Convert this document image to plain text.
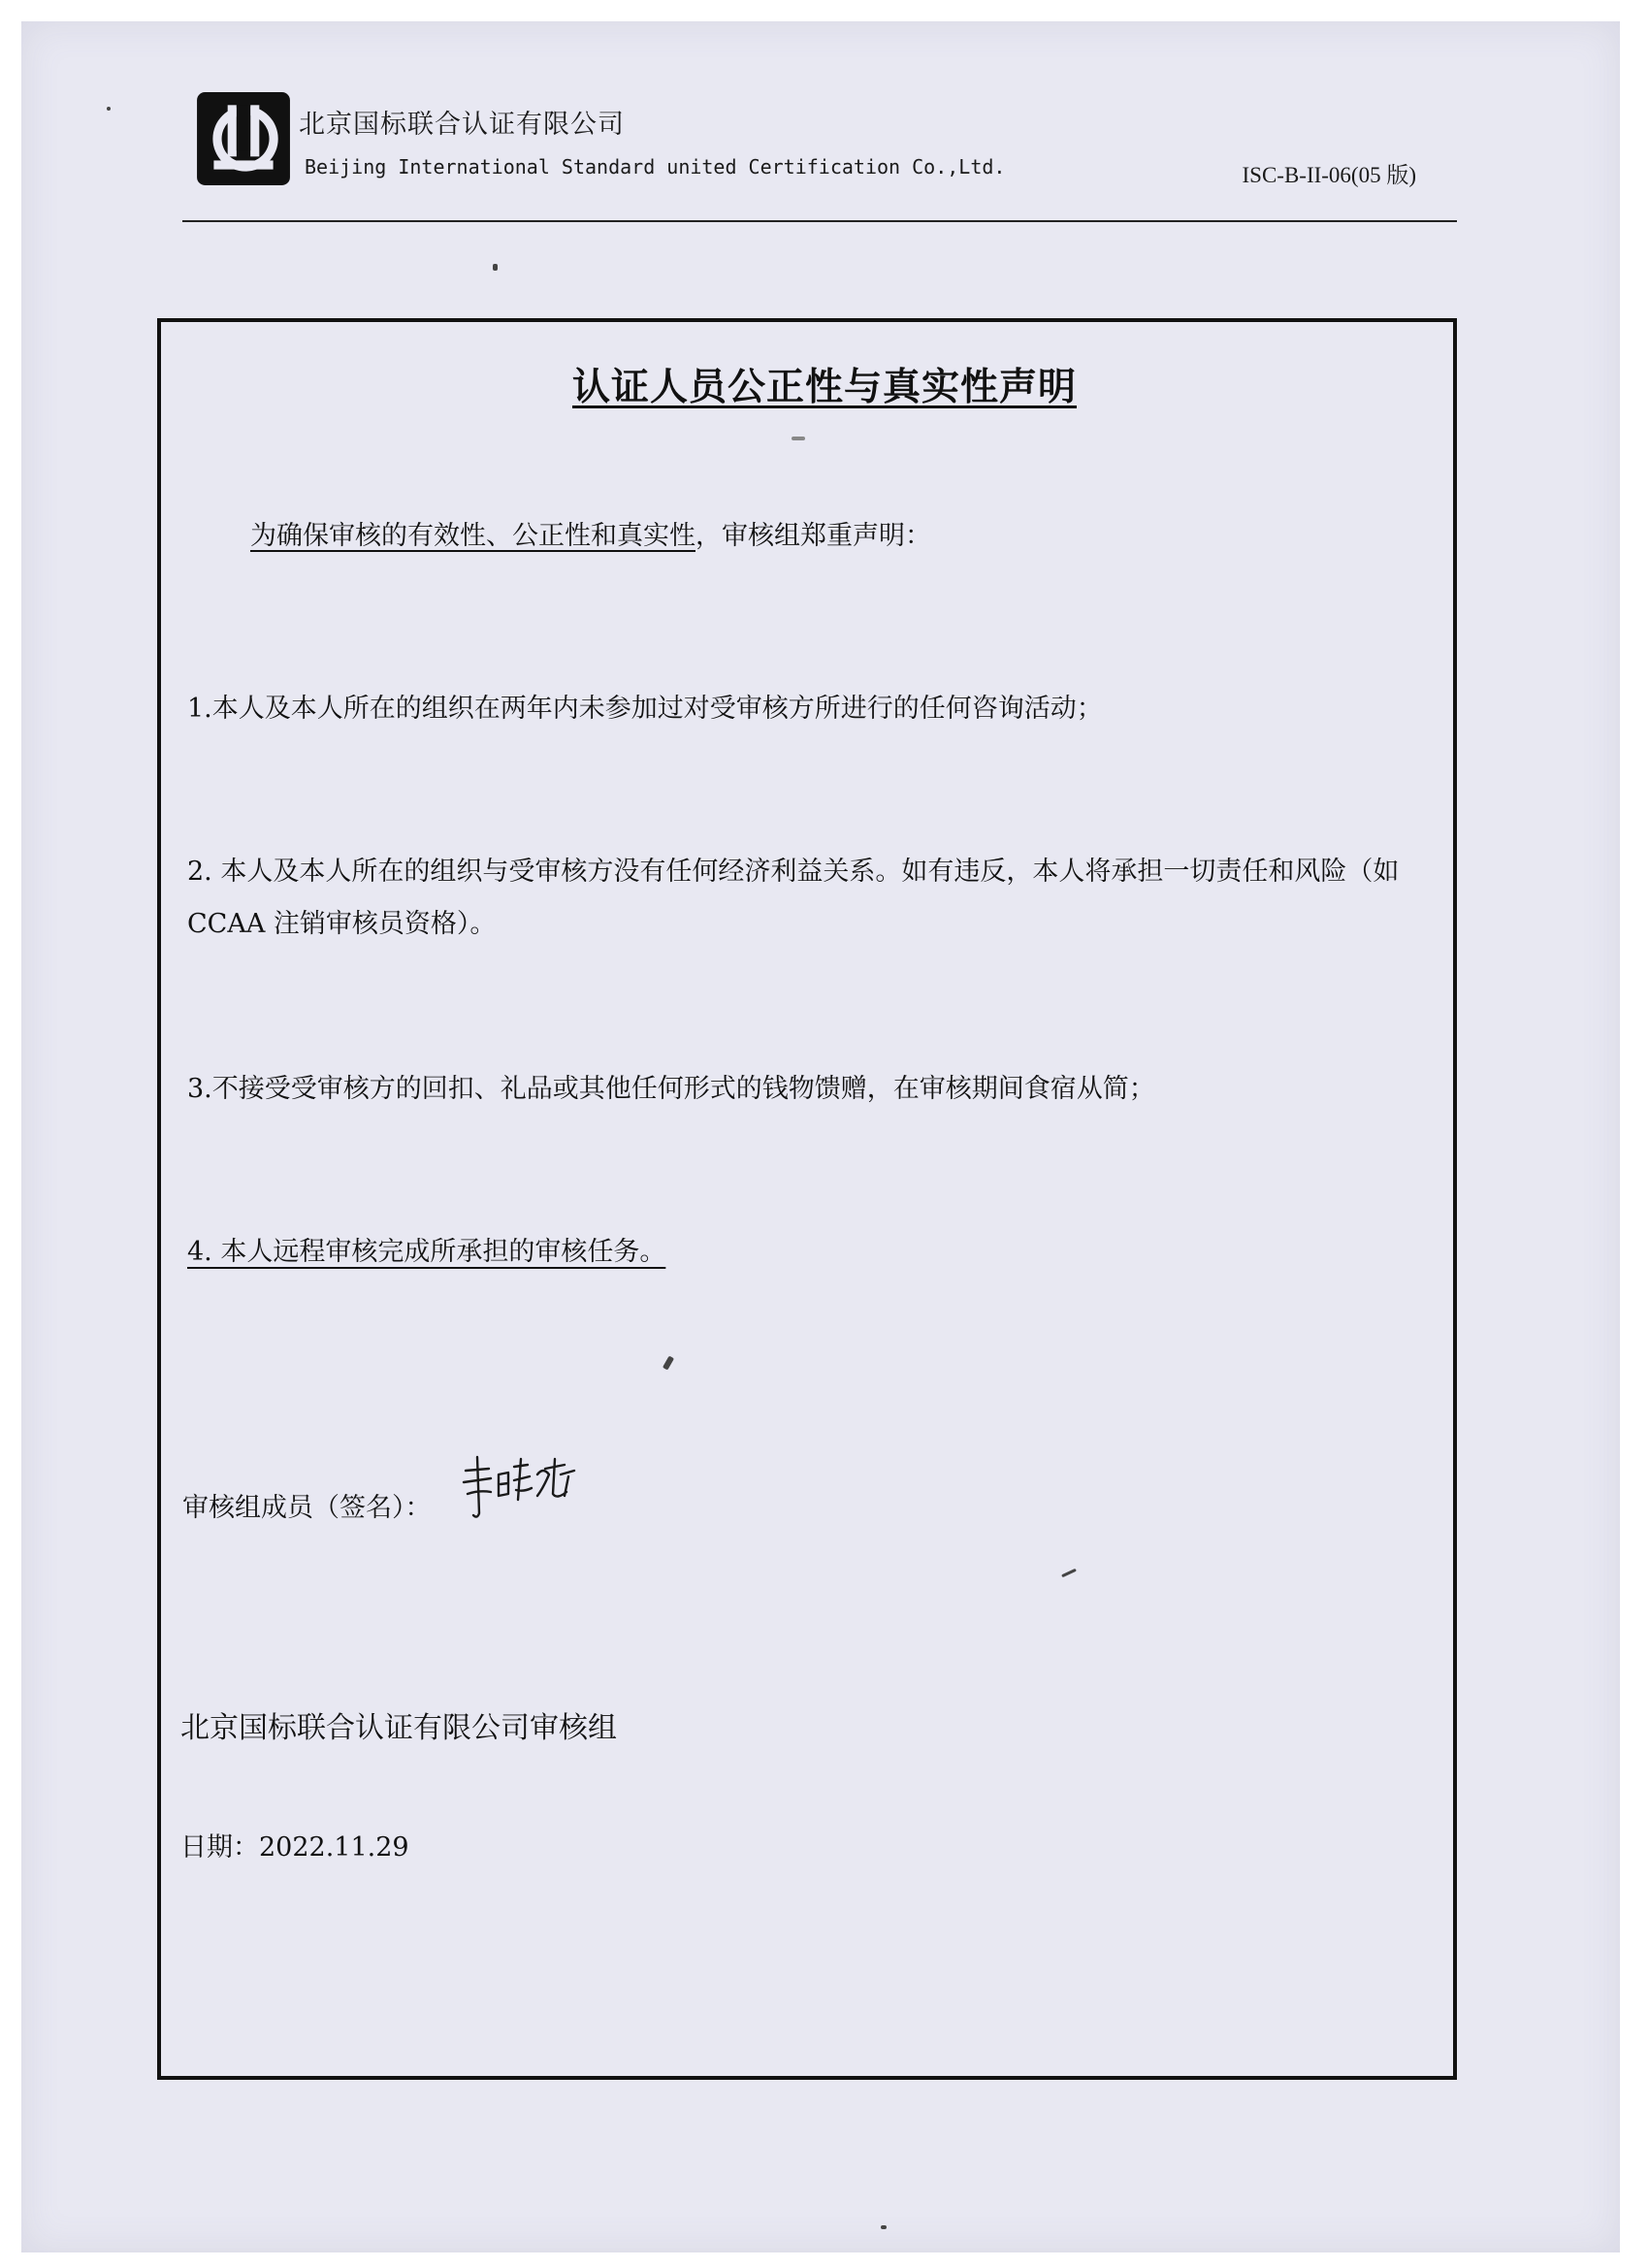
北京国标联合认证有限公司
Beijing International Standard united Certification Co.,Ltd.	ISC-B-II-06(05 版)
认证人员公正性与真实性声明
为确保审核的有效性、公正性和真实性，审核组郑重声明：
1.本人及本人所在的组织在两年内未参加过对受审核方所进行的任何咨询活动；
2. 本人及本人所在的组织与受审核方没有任何经济利益关系。如有违反，本人将承担一切责任和风险（如 CCAA 注销审核员资格）。
3.不接受受审核方的回扣、礼品或其他任何形式的钱物馈赠，在审核期间食宿从简；
4. 本人远程审核完成所承担的审核任务。
审核组成员（签名）：
北京国标联合认证有限公司审核组
日期：2022.11.29
